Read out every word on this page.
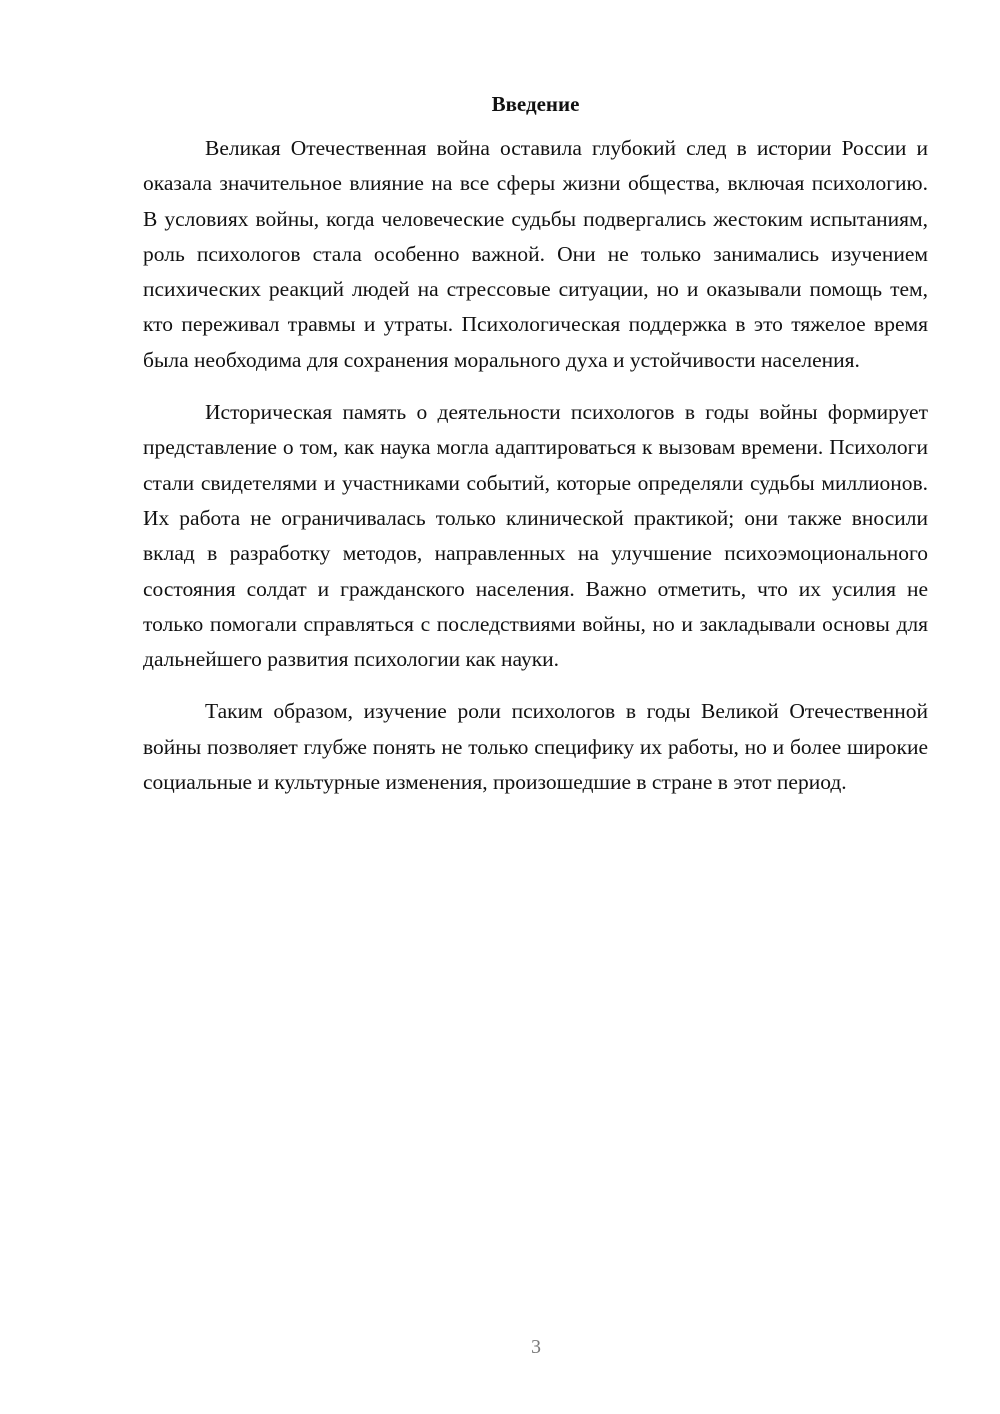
Введение

Великая Отечественная война оставила глубокий след в истории России и оказала значительное влияние на все сферы жизни общества, включая психологию. В условиях войны, когда человеческие судьбы подвергались жестоким испытаниям, роль психологов стала особенно важной. Они не только занимались изучением психических реакций людей на стрессовые ситуации, но и оказывали помощь тем, кто переживал травмы и утраты. Психологическая поддержка в это тяжелое время была необходима для сохранения морального духа и устойчивости населения.

Историческая память о деятельности психологов в годы войны формирует представление о том, как наука могла адаптироваться к вызовам времени. Психологи стали свидетелями и участниками событий, которые определяли судьбы миллионов. Их работа не ограничивалась только клинической практикой; они также вносили вклад в разработку методов, направленных на улучшение психоэмоционального состояния солдат и гражданского населения. Важно отметить, что их усилия не только помогали справляться с последствиями войны, но и закладывали основы для дальнейшего развития психологии как науки.

Таким образом, изучение роли психологов в годы Великой Отечественной войны позволяет глубже понять не только специфику их работы, но и более широкие социальные и культурные изменения, произошедшие в стране в этот период.

3
